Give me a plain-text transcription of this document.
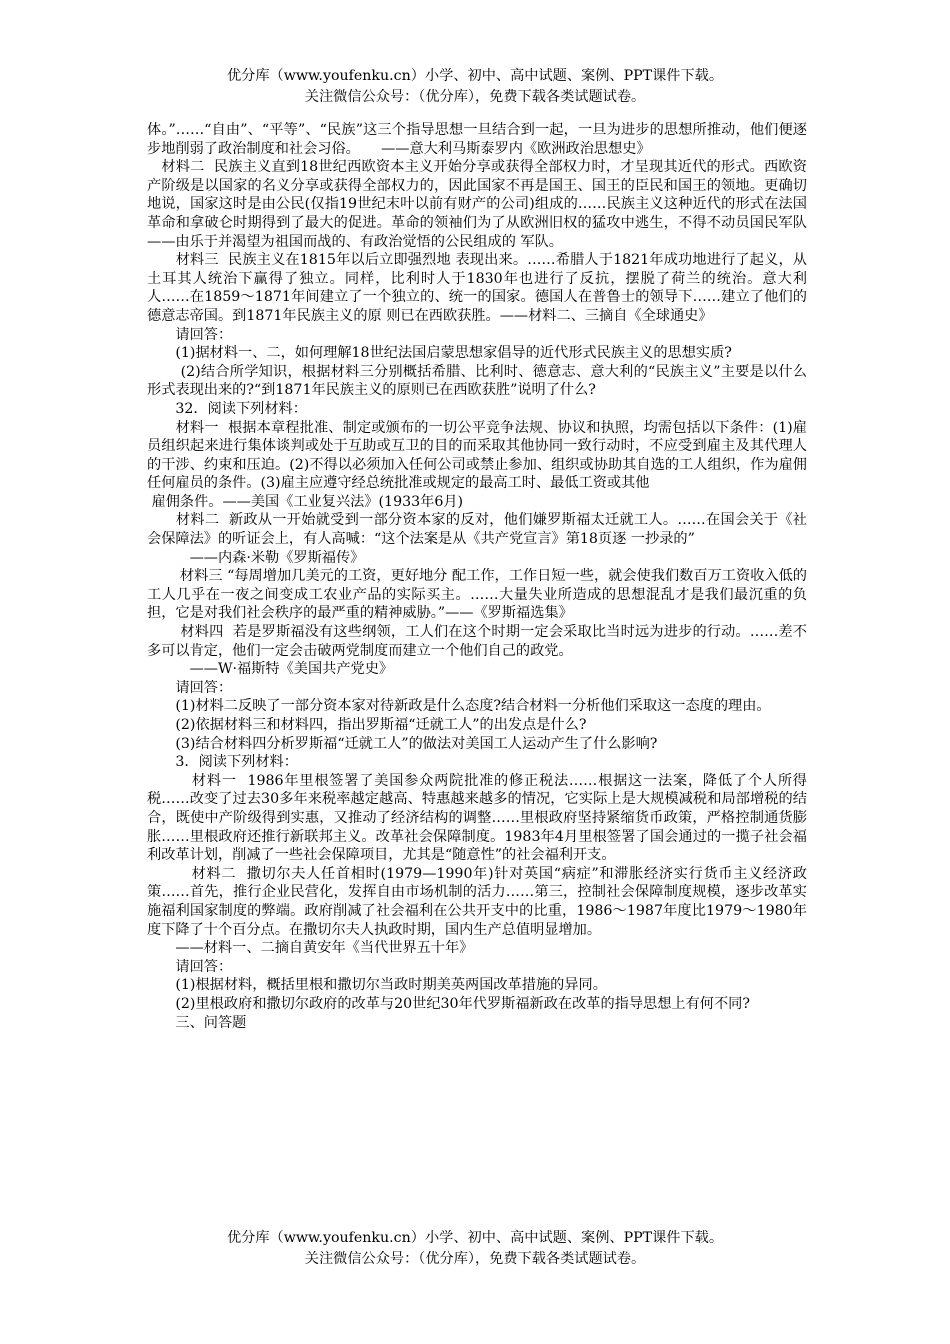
优分库（www.youfenku.cn）小学、初中、高中试题、案例、PPT课件下载。
关注微信公众号：（优分库），免费下载各类试题试卷。

体。”……“自由”、“平等”、“民族”这三个指导思想一旦结合到一起，一旦为进步的思想所推动，他们便逐步地削弱了政治制度和社会习俗。　　——意大利马斯泰罗内《欧洲政治思想史》

　材料二  民族主义直到18世纪西欧资本主义开始分享或获得全部权力时，才呈现其近代的形式。西欧资产阶级是以国家的名义分享或获得全部权力的，因此国家不再是国王、国王的臣民和国王的领地。更确切地说，国家这时是由公民(仅指19世纪末叶以前有财产的公司)组成的……民族主义这种近代的形式在法国革命和拿破仑时期得到了最大的促进。革命的领袖们为了从欧洲旧权的猛攻中逃生，不得不动员国民军队——由乐于并渴望为祖国而战的、有政治觉悟的公民组成的 军队。

　　材料三  民族主义在1815年以后立即强烈地 表现出来。……希腊人于1821年成功地进行了起义，从土耳其人统治下赢得了独立。同样，比利时人于1830年也进行了反抗，摆脱了荷兰的统治。意大利人……在1859～1871年间建立了一个独立的、统一的国家。德国人在普鲁士的领导下……建立了他们的德意志帝国。到1871年民族主义的原 则已在西欧获胜。——材料二、三摘自《全球通史》

　　请回答：

　　(1)据材料一、二，如何理解18世纪法国启蒙思想家倡导的近代形式民族主义的思想实质?

　　 (2)结合所学知识，根据材料三分别概括希腊、比利时、德意志、意大利的“民族主义”主要是以什么形式表现出来的?“到1871年民族主义的原则已在西欧获胜”说明了什么?

　　32．阅读下列材料：

　　材料一  根据本章程批准、制定或颁布的一切公平竞争法规、协议和执照，均需包括以下条件：(1)雇员组织起来进行集体谈判或处于互助或互卫的目的而采取其他协同一致行动时，不应受到雇主及其代理人的干涉、约束和压迫。(2)不得以必须加入任何公司或禁止参加、组织或协助其自选的工人组织，作为雇佣任何雇员的条件。(3)雇主应遵守经总统批准或规定的最高工时、最低工资或其他

雇佣条件。——美国《工业复兴法》(1933年6月)

　　材料二  新政从一开始就受到一部分资本家的反对，他们嫌罗斯福太迁就工人。……在国会关于《社会保障法》的听证会上，有人高喊：“这个法案是从《共产党宣言》第18页逐 一抄录的”

　　　——内森·米勒《罗斯福传》

　　 材料三 “每周增加几美元的工资，更好地分 配工作，工作日短一些，就会使我们数百万工资收入低的工人几乎在一夜之间变成工农业产品的实际买主。……大量失业所造成的思想混乱才是我们最沉重的负担，它是对我们社会秩序的最严重的精神威胁。”——《罗斯福选集》

　　 材料四  若是罗斯福没有这些纲领，工人们在这个时期一定会采取比当时远为进步的行动。……差不多可以肯定，他们一定会击破两党制度而建立一个他们自己的政党。

　　　——W·福斯特《美国共产党史》

　　请回答：

　　(1)材料二反映了一部分资本家对待新政是什么态度?结合材料一分析他们采取这一态度的理由。

　　(2)依据材料三和材料四，指出罗斯福“迁就工人”的出发点是什么?

　　(3)结合材料四分析罗斯福“迁就工人”的做法对美国工人运动产生了什么影响?

　　3．阅读下列材料：

　　　材料一  1986年里根签署了美国参众两院批准的修正税法……根据这一法案，降低了个人所得税……改变了过去30多年来税率越定越高、特惠越来越多的情况，它实际上是大规模减税和局部增税的结合，既使中产阶级得到实惠，又推动了经济结构的调整……里根政府坚持紧缩货币政策，严格控制通货膨胀……里根政府还推行新联邦主义。改革社会保障制度。1983年4月里根签署了国会通过的一揽子社会福利改革计划，削减了一些社会保障项目，尤其是“随意性”的社会福利开支。

　　　材料二  撒切尔夫人任首相时(1979—1990年)针对英国“病症”和滞胀经济实行货币主义经济政策……首先，推行企业民营化，发挥自由市场机制的活力……第三，控制社会保障制度规模，逐步改革实施福利国家制度的弊端。政府削减了社会福利在公共开支中的比重，1986～1987年度比1979～1980年度下降了十个百分点。在撒切尔夫人执政时期，国内生产总值明显增加。

　　——材料一、二摘自黄安年《当代世界五十年》

　　请回答：

　　(1)根据材料，概括里根和撒切尔当政时期美英两国改革措施的异同。

　　(2)里根政府和撒切尔政府的改革与20世纪30年代罗斯福新政在改革的指导思想上有何不同?

　　三、问答题

优分库（www.youfenku.cn）小学、初中、高中试题、案例、PPT课件下载。
关注微信公众号：（优分库），免费下载各类试题试卷。
